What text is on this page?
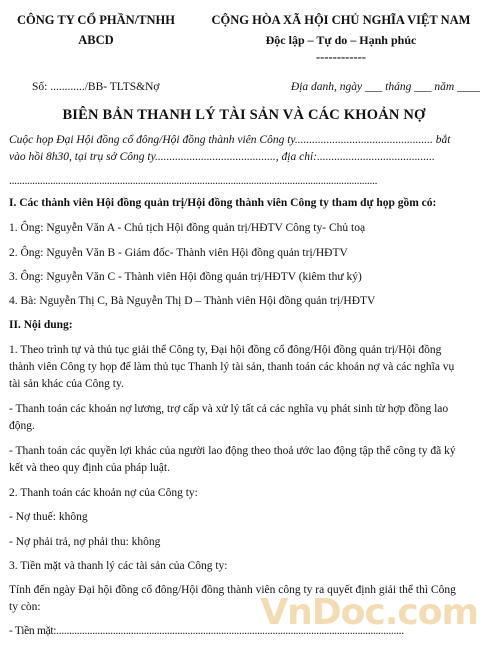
CÔNG TY CỔ PHẦN/TNHH
ABCD
CỘNG HÒA XÃ HỘI CHỦ NGHĨA VIỆT NAM
Độc lập – Tự do – Hạnh phúc
------------
Số: ............/BB- TLTS&Nợ	Địa danh, ngày ___ tháng ___ năm ____
BIÊN BẢN THANH LÝ TÀI SẢN VÀ CÁC KHOẢN NỢ
Cuộc họp Đại Hội đồng cổ đông/Hội đồng thành viên Công ty................................................ bắt
vào hồi 8h30, tại trụ sở Công ty.........................................., địa chỉ:.........................................
...............................................................................................................................................
I. Các thành viên Hội đồng quản trị/Hội đồng thành viên Công ty tham dự họp gồm có:
1. Ông: Nguyễn Văn A - Chủ tịch Hội đồng quản trị/HĐTV Công ty- Chủ toạ
2. Ông: Nguyễn Văn B - Giám đốc- Thành viên Hội đồng quản trị/HĐTV
3. Ông: Nguyễn Văn C - Thành viên Hội đồng quản trị/HĐTV (kiêm thư ký)
4. Bà: Nguyễn Thị C, Bà Nguyễn Thị D – Thành viên Hội đồng quản trị/HĐTV
II. Nội dung:
1. Theo trình tự và thủ tục giải thể Công ty, Đại hội đồng cổ đông/Hội đồng quản trị/Hội đồng
thành viên Công ty họp để làm thủ tục Thanh lý tài sản, thanh toán các khoản nợ và các nghĩa vụ
tài sản khác của Công ty.
- Thanh toán các khoản nợ lương, trợ cấp và xử lý tất cả các nghĩa vụ phát sinh từ hợp đồng lao
động.
- Thanh toán các quyền lợi khác của người lao động theo thoả ước lao động tập thể công ty đã ký
kết và theo quy định của pháp luật.
2. Thanh toán các khoản nợ của Công ty:
- Nợ thuế: không
- Nợ phải trả, nợ phải thu: không
3. Tiền mặt và thanh lý các tài sản của Công ty:
Tính đến ngày Đại hội đồng cổ đông/Hội đồng thành viên công ty ra quyết định giải thể thì Công
ty còn:
- Tiền mặt:.......................................................................................................................................
VnDoc.com
